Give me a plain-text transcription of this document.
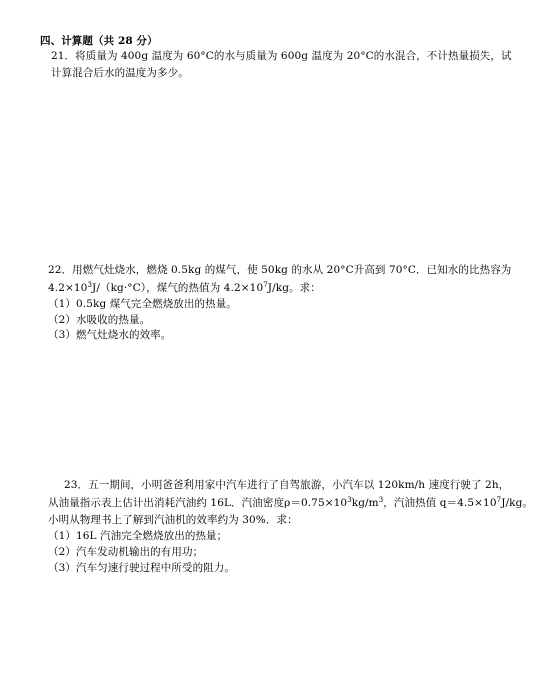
四、计算题（共 28 分）
21．将质量为 400g 温度为 60°C的水与质量为 600g 温度为 20°C的水混合，不计热量损失，试
计算混合后水的温度为多少。
22．用燃气灶烧水，燃烧 0.5kg 的煤气，使 50kg 的水从 20°C升高到 70°C．已知水的比热容为
$4.2\times 10^3J/(kg\cdot^\circ C)$，煤气的热值为 $4.2\times 10^7J/kg$。求：
（1）0.5kg 煤气完全燃烧放出的热量。
（2）水吸收的热量。
（3）燃气灶烧水的效率。
23．五一期间，小明爸爸利用家中汽车进行了自驾旅游，小汽车以 120km/h 速度行驶了 2h，
从油量指示表上估计出消耗汽油约 16L．汽油密度$\rho=0.75\times 10^3kg/m^3$，汽油热值 $q=4.5\times 10^7J/kg$。
小明从物理书上了解到汽油机的效率约为 30%．求：
（1）16L 汽油完全燃烧放出的热量；
（2）汽车发动机输出的有用功；
（3）汽车匀速行驶过程中所受的阻力。
